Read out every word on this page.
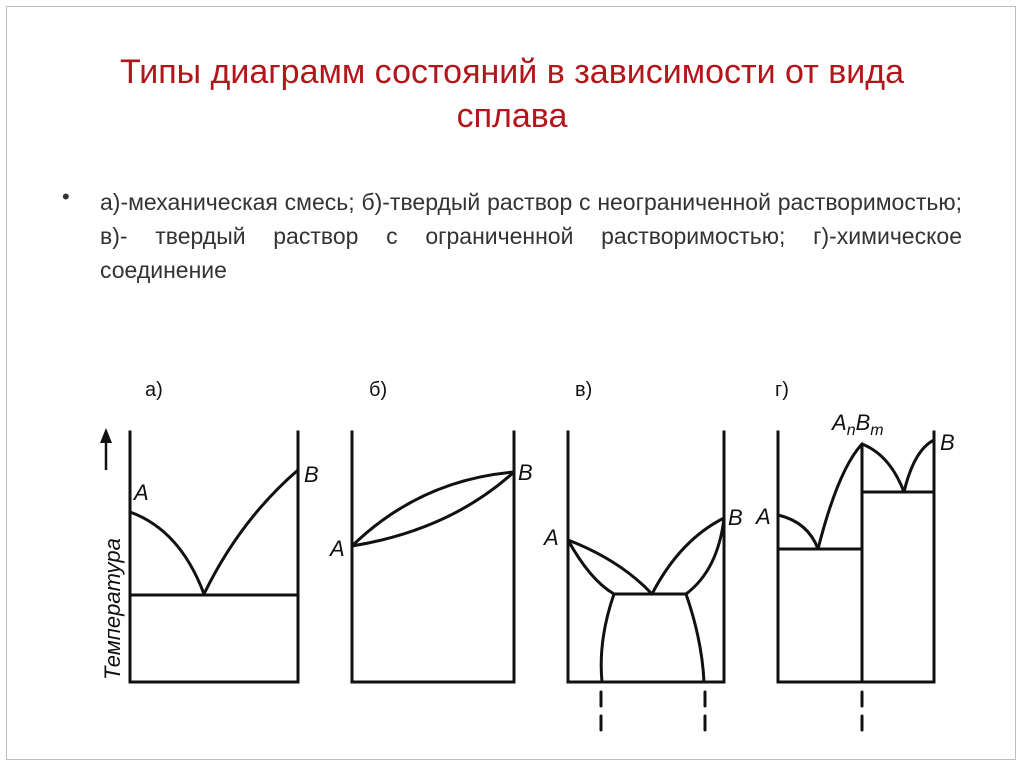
Типы диаграмм состояний в зависимости от вида сплава
• а)-механическая смесь; б)-твердый раствор с неограниченной растворимостью; в)- твердый раствор с ограниченной растворимостью; г)-химическое соединение
а)
Температура
A
B
б)
A
B
в)
A
B
г)
A
B
AnBm
